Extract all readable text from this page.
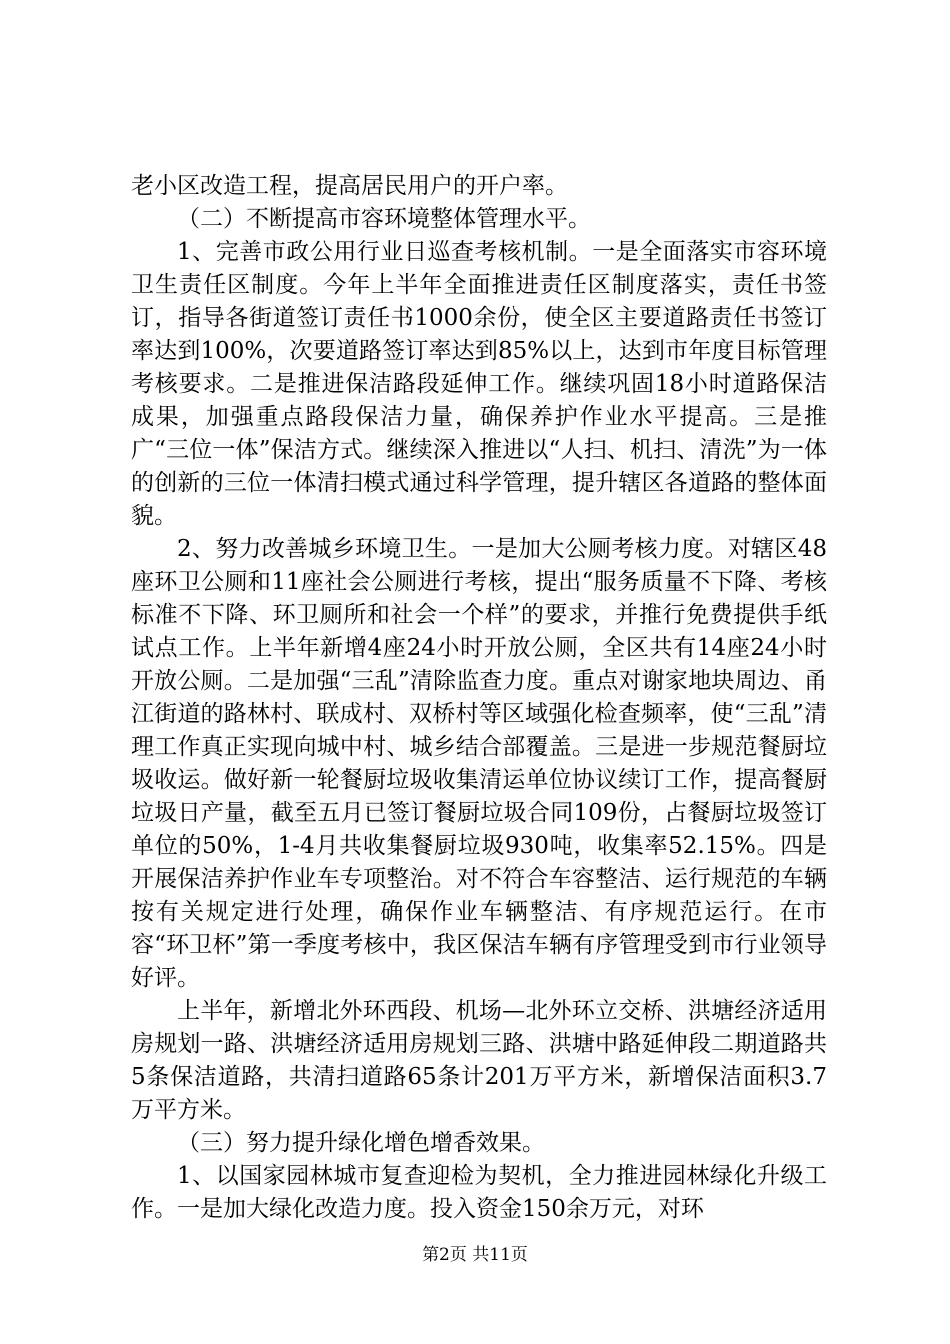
老小区改造工程，提高居民用户的开户率。

（二）不断提高市容环境整体管理水平。

1、完善市政公用行业日巡查考核机制。一是全面落实市容环境卫生责任区制度。今年上半年全面推进责任区制度落实，责任书签订，指导各街道签订责任书1000余份，使全区主要道路责任书签订率达到100%，次要道路签订率达到85%以上，达到市年度目标管理考核要求。二是推进保洁路段延伸工作。继续巩固18小时道路保洁成果，加强重点路段保洁力量，确保养护作业水平提高。三是推广“三位一体”保洁方式。继续深入推进以“人扫、机扫、清洗”为一体的创新的三位一体清扫模式通过科学管理，提升辖区各道路的整体面貌。

2、努力改善城乡环境卫生。一是加大公厕考核力度。对辖区48座环卫公厕和11座社会公厕进行考核，提出“服务质量不下降、考核标准不下降、环卫厕所和社会一个样”的要求，并推行免费提供手纸试点工作。上半年新增4座24小时开放公厕，全区共有14座24小时开放公厕。二是加强“三乱”清除监查力度。重点对谢家地块周边、甬江街道的路林村、联成村、双桥村等区域强化检查频率，使“三乱”清理工作真正实现向城中村、城乡结合部覆盖。三是进一步规范餐厨垃圾收运。做好新一轮餐厨垃圾收集清运单位协议续订工作，提高餐厨垃圾日产量，截至五月已签订餐厨垃圾合同109份，占餐厨垃圾签订单位的50%，1-4月共收集餐厨垃圾930吨，收集率52.15%。四是开展保洁养护作业车专项整治。对不符合车容整洁、运行规范的车辆按有关规定进行处理，确保作业车辆整洁、有序规范运行。在市容“环卫杯”第一季度考核中，我区保洁车辆有序管理受到市行业领导好评。

上半年，新增北外环西段、机场—北外环立交桥、洪塘经济适用房规划一路、洪塘经济适用房规划三路、洪塘中路延伸段二期道路共5条保洁道路，共清扫道路65条计201万平方米，新增保洁面积3.7万平方米。

（三）努力提升绿化增色增香效果。

1、以国家园林城市复查迎检为契机，全力推进园林绿化升级工作。一是加大绿化改造力度。投入资金150余万元，对环

第2页 共11页
